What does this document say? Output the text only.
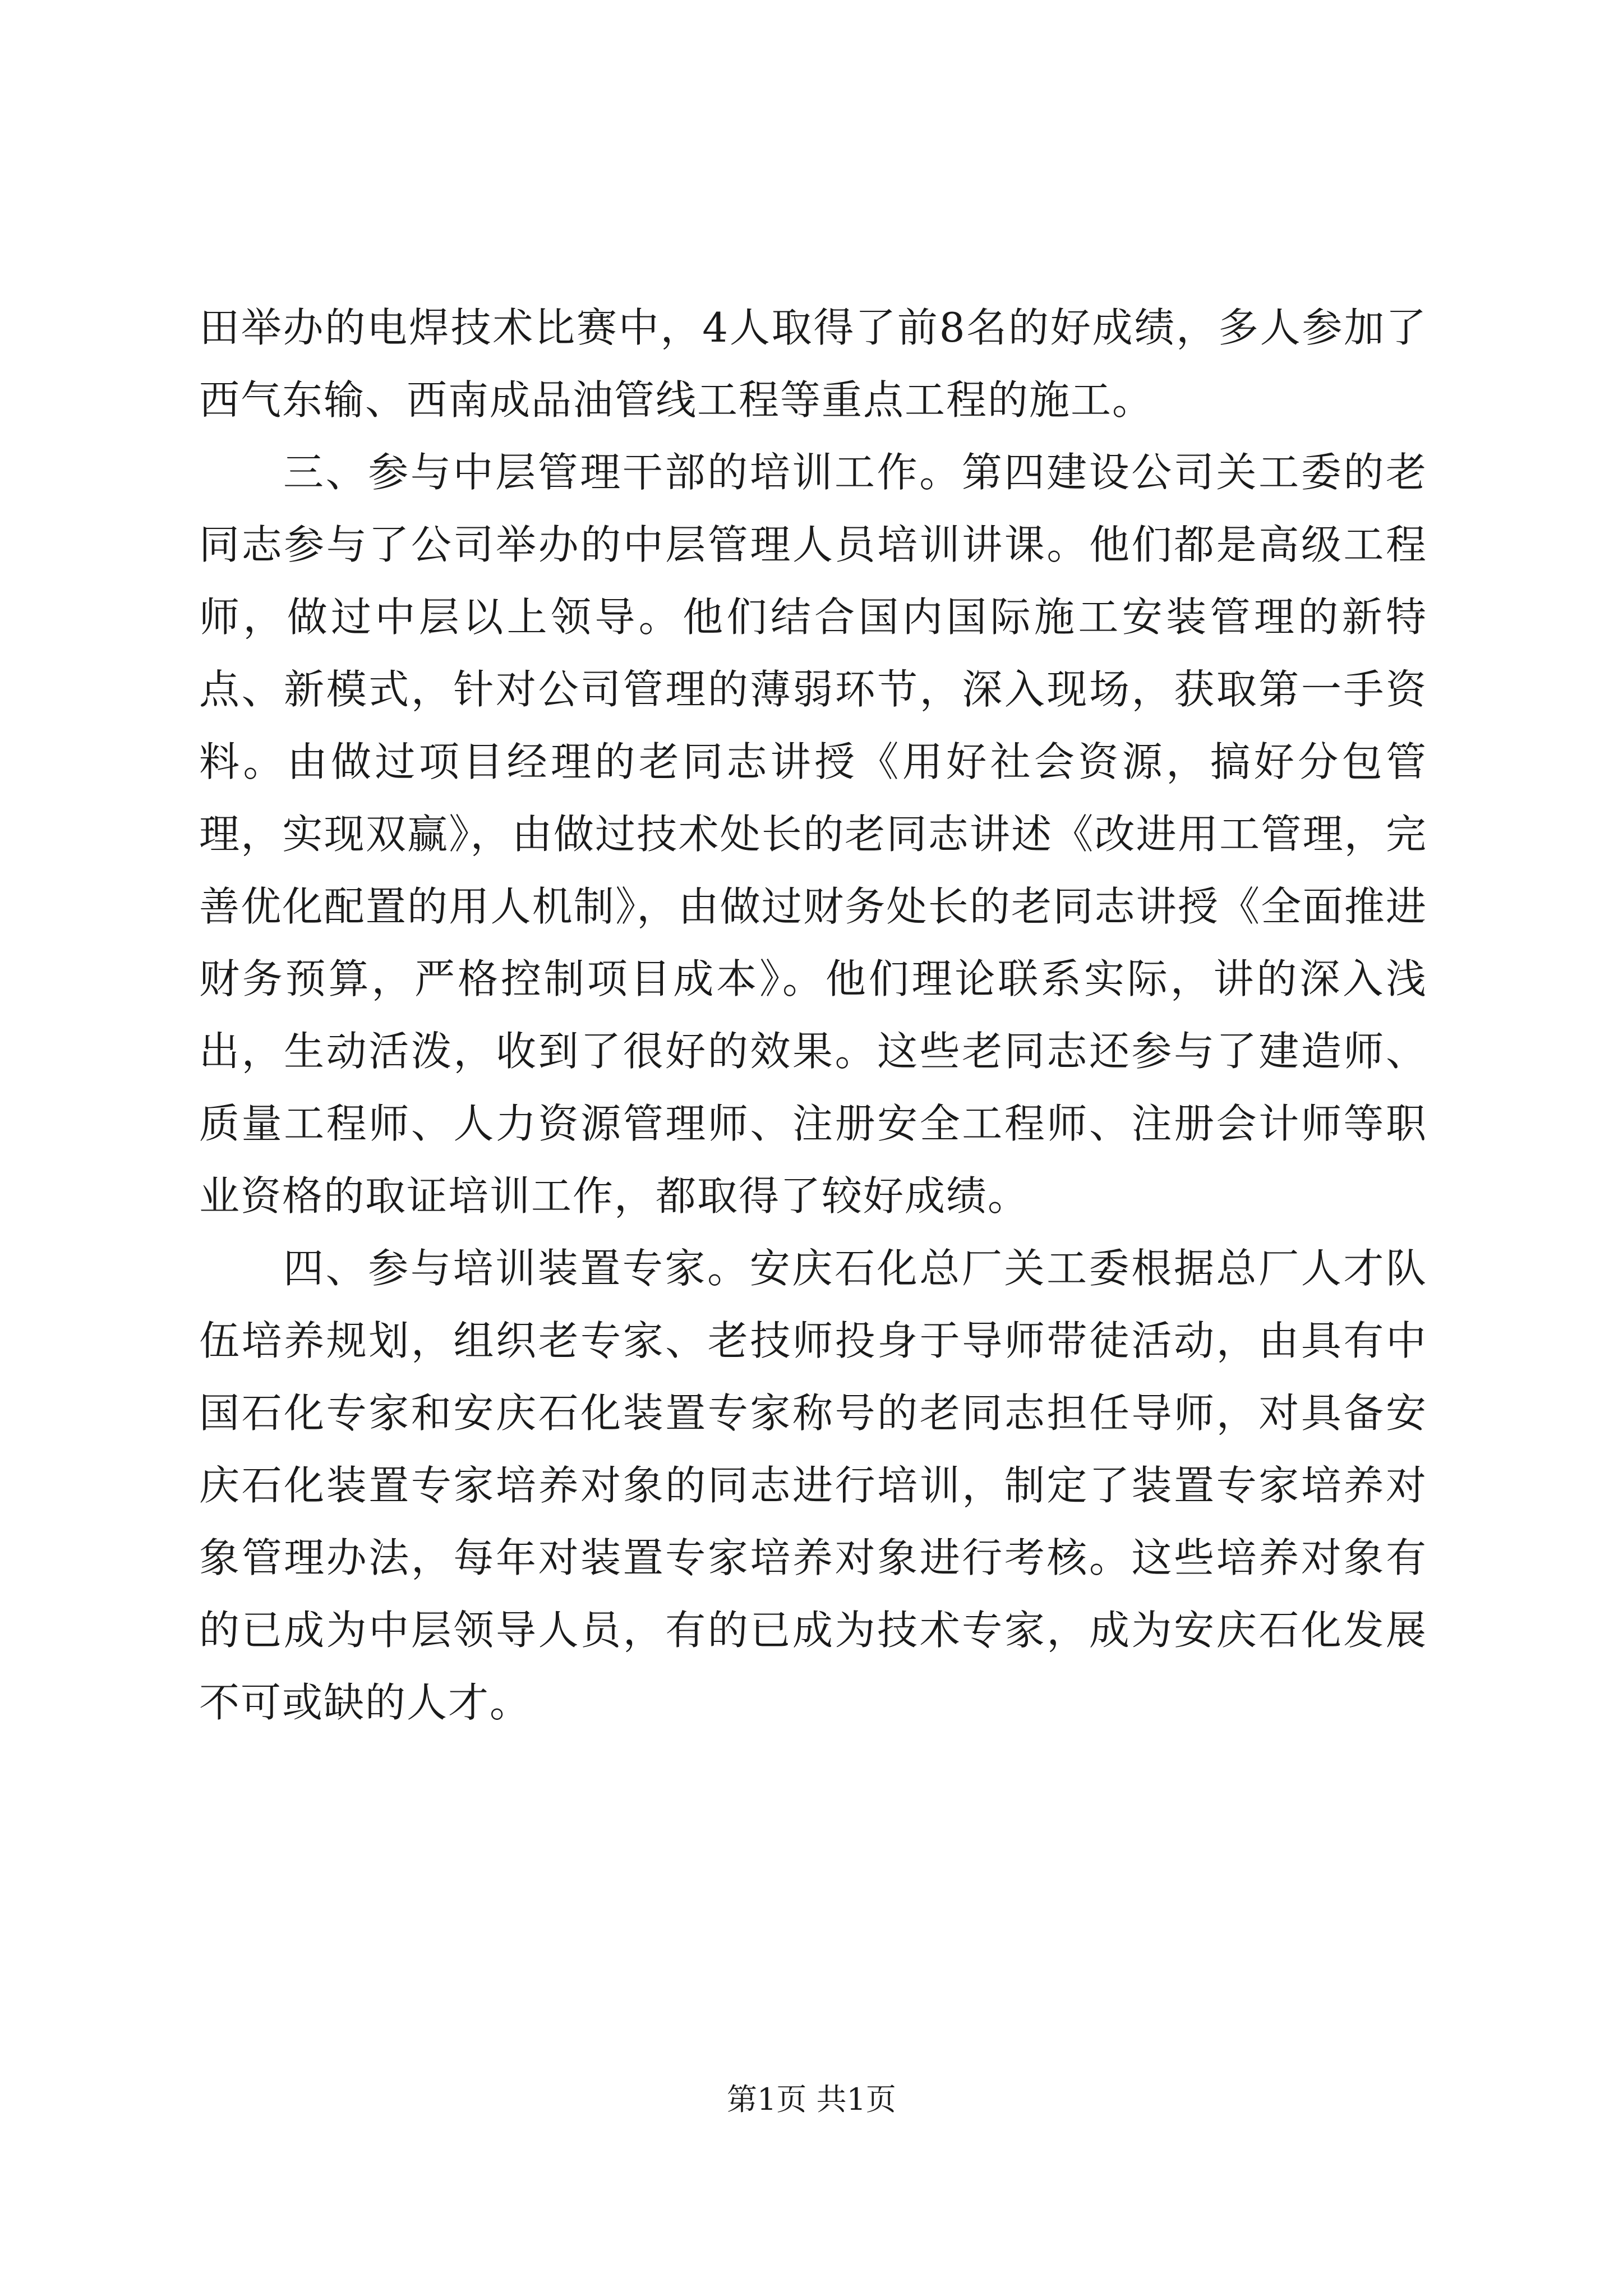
田举办的电焊技术比赛中，4人取得了前8名的好成绩，多人参加了西气东输、西南成品油管线工程等重点工程的施工。

三、参与中层管理干部的培训工作。第四建设公司关工委的老同志参与了公司举办的中层管理人员培训讲课。他们都是高级工程师，做过中层以上领导。他们结合国内国际施工安装管理的新特点、新模式，针对公司管理的薄弱环节，深入现场，获取第一手资料。由做过项目经理的老同志讲授《用好社会资源，搞好分包管理，实现双赢》，由做过技术处长的老同志讲述《改进用工管理，完善优化配置的用人机制》，由做过财务处长的老同志讲授《全面推进财务预算，严格控制项目成本》。他们理论联系实际，讲的深入浅出，生动活泼，收到了很好的效果。这些老同志还参与了建造师、质量工程师、人力资源管理师、注册安全工程师、注册会计师等职业资格的取证培训工作，都取得了较好成绩。

四、参与培训装置专家。安庆石化总厂关工委根据总厂人才队伍培养规划，组织老专家、老技师投身于导师带徒活动，由具有中国石化专家和安庆石化装置专家称号的老同志担任导师，对具备安庆石化装置专家培养对象的同志进行培训，制定了装置专家培养对象管理办法，每年对装置专家培养对象进行考核。这些培养对象有的已成为中层领导人员，有的已成为技术专家，成为安庆石化发展不可或缺的人才。

第1页 共1页
